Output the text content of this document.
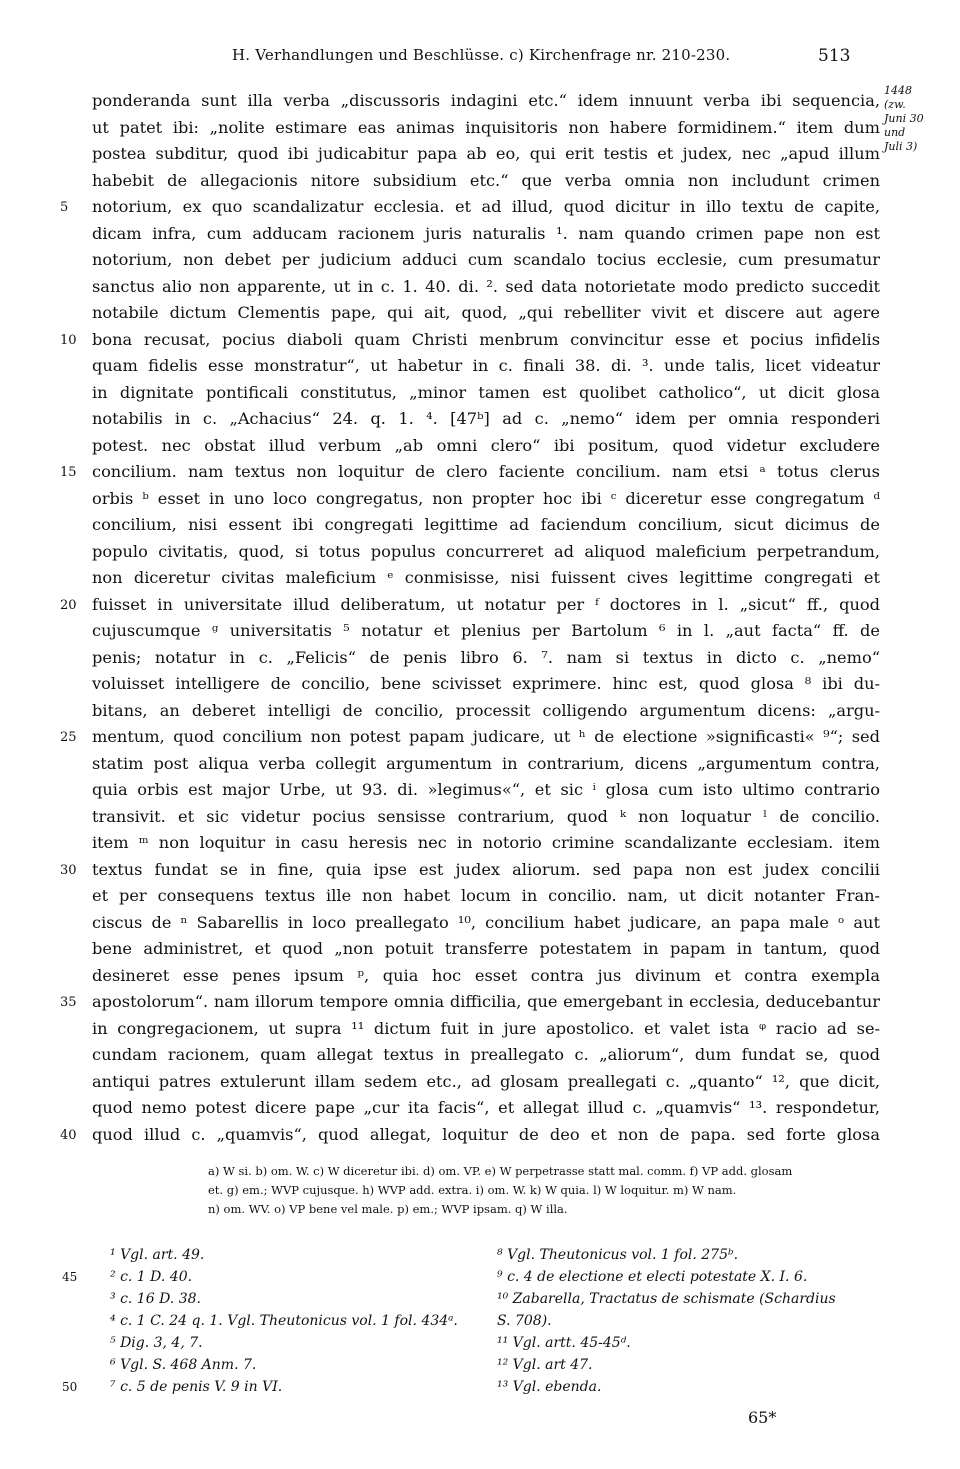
H. Verhandlungen und Beschlüsse. c) Kirchenfrage nr. 210-230.	513
1448
(zw.
Juni 30
und
Juli 3)
ponderanda sunt illa verba „discussoris indagini etc.“ idem innuunt verba ibi sequencia,
ut patet ibi: „nolite estimare eas animas inquisitoris non habere formidinem.“ item dum
postea subditur, quod ibi judicabitur papa ab eo, qui erit testis et judex, nec „apud illum
habebit de allegacionis nitore subsidium etc.“ que verba omnia non includunt crimen
5	notorium, ex quo scandalizatur ecclesia. et ad illud, quod dicitur in illo textu de capite,
dicam infra, cum adducam racionem juris naturalis ¹. nam quando crimen pape non est
notorium, non debet per judicium adduci cum scandalo tocius ecclesie, cum presumatur
sanctus alio non apparente, ut in c. 1. 40. di. ². sed data notorietate modo predicto succedit
notabile dictum Clementis pape, qui ait, quod, „qui rebelliter vivit et discere aut agere
10 bona recusat, pocius diaboli quam Christi menbrum convincitur esse et pocius infidelis
quam fidelis esse monstratur“, ut habetur in c. finali 38. di. ³. unde talis, licet videatur
in dignitate pontificali constitutus, „minor tamen est quolibet catholico“, ut dicit glosa
notabilis in c. „Achacius“ 24. q. 1. ⁴. [47ᵇ] ad c. „nemo“ idem per omnia responderi
potest. nec obstat illud verbum „ab omni clero“ ibi positum, quod videtur excludere
15 concilium. nam textus non loquitur de clero faciente concilium. nam etsi ᵃ totus clerus
orbis ᵇ esset in uno loco congregatus, non propter hoc ibi ᶜ diceretur esse congregatum ᵈ
concilium, nisi essent ibi congregati legittime ad faciendum concilium, sicut dicimus de
populo civitatis, quod, si totus populus concurreret ad aliquod maleficium perpetrandum,
non diceretur civitas maleficium ᵉ conmisisse, nisi fuissent cives legittime congregati et
20 fuisset in universitate illud deliberatum, ut notatur per ᶠ doctores in l. „sicut“ ff., quod
cujuscumque ᵍ universitatis ⁵ notatur et plenius per Bartolum ⁶ in l. „aut facta“ ff. de
penis; notatur in c. „Felicis“ de penis libro 6. ⁷. nam si textus in dicto c. „nemo“
voluisset intelligere de concilio, bene scivisset exprimere. hinc est, quod glosa ⁸ ibi du-
bitans, an deberet intelligi de concilio, processit colligendo argumentum dicens: „argu-
25 mentum, quod concilium non potest papam judicare, ut ʰ de electione »significasti« ⁹“; sed
statim post aliqua verba collegit argumentum in contrarium, dicens „argumentum contra,
quia orbis est major Urbe, ut 93. di. »legimus«“, et sic ⁱ glosa cum isto ultimo contrario
transivit. et sic videtur pocius sensisse contrarium, quod ᵏ non loquatur ˡ de concilio.
item ᵐ non loquitur in casu heresis nec in notorio crimine scandalizante ecclesiam. item
30 textus fundat se in fine, quia ipse est judex aliorum. sed papa non est judex concilii
et per consequens textus ille non habet locum in concilio. nam, ut dicit notanter Fran-
ciscus de ⁿ Sabarellis in loco preallegato ¹⁰, concilium habet judicare, an papa male ᵒ aut
bene administret, et quod „non potuit transferre potestatem in papam in tantum, quod
desineret esse penes ipsum ᵖ, quia hoc esset contra jus divinum et contra exempla
35 apostolorum“. nam illorum tempore omnia difficilia, que emergebant in ecclesia, deducebantur
in congregacionem, ut supra ¹¹ dictum fuit in jure apostolico. et valet ista ᵠ racio ad se-
cundam racionem, quam allegat textus in preallegato c. „aliorum“, dum fundat se, quod
antiqui patres extulerunt illam sedem etc., ad glosam preallegati c. „quanto“ ¹², que dicit,
quod nemo potest dicere pape „cur ita facis“, et allegat illud c. „quamvis“ ¹³. respondetur,
40 quod illud c. „quamvis“, quod allegat, loquitur de deo et non de papa. sed forte glosa
a) W si. b) om. W. c) W diceretur ibi. d) om. VP. e) W perpetrasse statt mal. comm. f) VP add. glosam
et. g) em.; WVP cujusque. h) WVP add. extra. i) om. W. k) W quia. l) W loquitur. m) W nam.
n) om. WV. o) VP bene vel male. p) em.; WVP ipsam. q) W illa.
¹ Vgl. art. 49.
45 ² c. 1 D. 40.
³ c. 16 D. 38.
⁴ c. 1 C. 24 q. 1. Vgl. Theutonicus vol. 1 fol. 434ᵃ.
⁵ Dig. 3, 4, 7.
⁶ Vgl. S. 468 Anm. 7.
50 ⁷ c. 5 de penis V. 9 in VI.
⁸ Vgl. Theutonicus vol. 1 fol. 275ᵇ.
⁹ c. 4 de electione et electi potestate X. I. 6.
¹⁰ Zabarella, Tractatus de schismate (Schardius
S. 708).
¹¹ Vgl. artt. 45-45ᵈ.
¹² Vgl. art 47.
¹³ Vgl. ebenda.
65*
